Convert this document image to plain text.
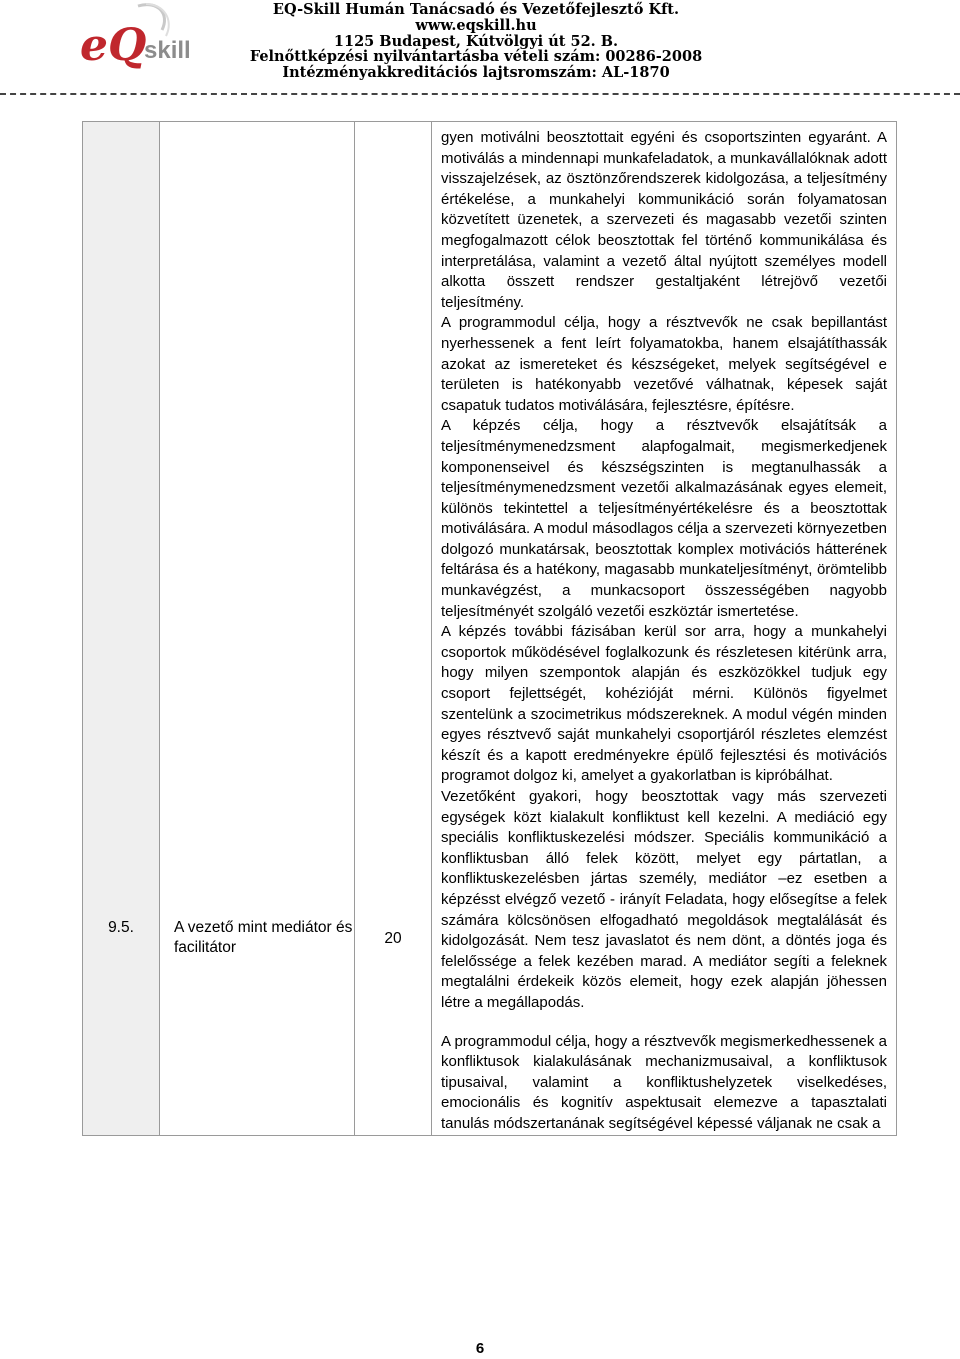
eQ
skill
EQ-Skill Humán Tanácsadó és Vezetőfejlesztő Kft.
www.eqskill.hu
1125 Budapest, Kútvölgyi út 52. B.
Felnőttképzési nyilvántartásba vételi szám: 00286-2008
Intézményakkreditációs lajtsromszám: AL-1870
9.5.	A vezető mint mediátor és facilitátor	20	

gyen motiválni beosztottait egyéni és csoportszinten egyaránt. A motiválás a mindennapi munkafeladatok, a munkavállalóknak adott visszajelzések, az ösztönzőrendszerek kidolgozása, a teljesítmény értékelése, a munkahelyi kommunikáció során folyamatosan közvetített üzenetek, a szervezeti és magasabb vezetői szinten megfogalmazott célok beosztottak fel történő kommunikálása és interpretálása, valamint a vezető által nyújtott személyes modell alkotta összett rendszer gestaltjaként létrejövő vezetői teljesítmény.

A programmodul célja, hogy a résztvevők ne csak bepillantást nyerhessenek a fent leírt folyamatokba, hanem elsajátíthassák azokat az ismereteket és készségeket, melyek segítségével e területen is hatékonyabb vezetővé válhatnak, képesek saját csapatuk tudatos motiválására, fejlesztésre, építésre.

A képzés célja, hogy a résztvevők elsajátítsák a teljesítménymenedzsment alapfogalmait, megismerkedjenek komponenseivel és készségszinten is megtanulhassák a teljesítménymenedzsment vezetői alkalmazásának egyes elemeit, különös tekintettel a teljesítményértékelésre és a beosztottak motiválására. A modul másodlagos célja a szervezeti környezetben dolgozó munkatársak, beosztottak komplex motivációs hátterének feltárása és a hatékony, magasabb munkateljesítményt, örömtelibb munkavégzést, a munkacsoport összességében nagyobb teljesítményét szolgáló vezetői eszköztár ismertetése.

A képzés további fázisában kerül sor arra, hogy a munkahelyi csoportok működésével foglalkozunk és részletesen kitérünk arra, hogy milyen szempontok alapján és eszközökkel tudjuk egy csoport fejlettségét, kohézióját mérni. Különös figyelmet szentelünk a szocimetrikus módszereknek. A modul végén minden egyes résztvevő saját munkahelyi csoportjáról részletes elemzést készít és a kapott eredményekre épülő fejlesztési és motivációs programot dolgoz ki, amelyet a gyakorlatban is kipróbálhat.

Vezetőként gyakori, hogy beosztottak vagy más szervezeti egységek közt kialakult konfliktust kell kezelni. A mediáció egy speciális konfliktuskezelési módszer. Speciális kommunikáció a konfliktusban álló felek között, melyet egy pártatlan, a konfliktuskezelésben jártas személy, mediátor –ez esetben a képzésst elvégző vezető - irányít Feladata, hogy elősegítse a felek számára kölcsönösen elfogadható megoldások megtalálását és kidolgozását. Nem tesz javaslatot és nem dönt, a döntés joga és felelőssége a felek kezében marad. A mediátor segíti a feleknek megtalálni érdekeik közös elemeit, hogy ezek alapján jöhessen létre a megállapodás.

A programmodul célja, hogy a résztvevők megismerkedhessenek a konfliktusok kialakulásának mechanizmusaival, a konfliktusok tipusaival, valamint a konfliktushelyzetek viselkedéses, emocionális és kognitív aspektusait elemezve a tapasztalati tanulás módszertanának segítségével képessé váljanak ne csak a

6
